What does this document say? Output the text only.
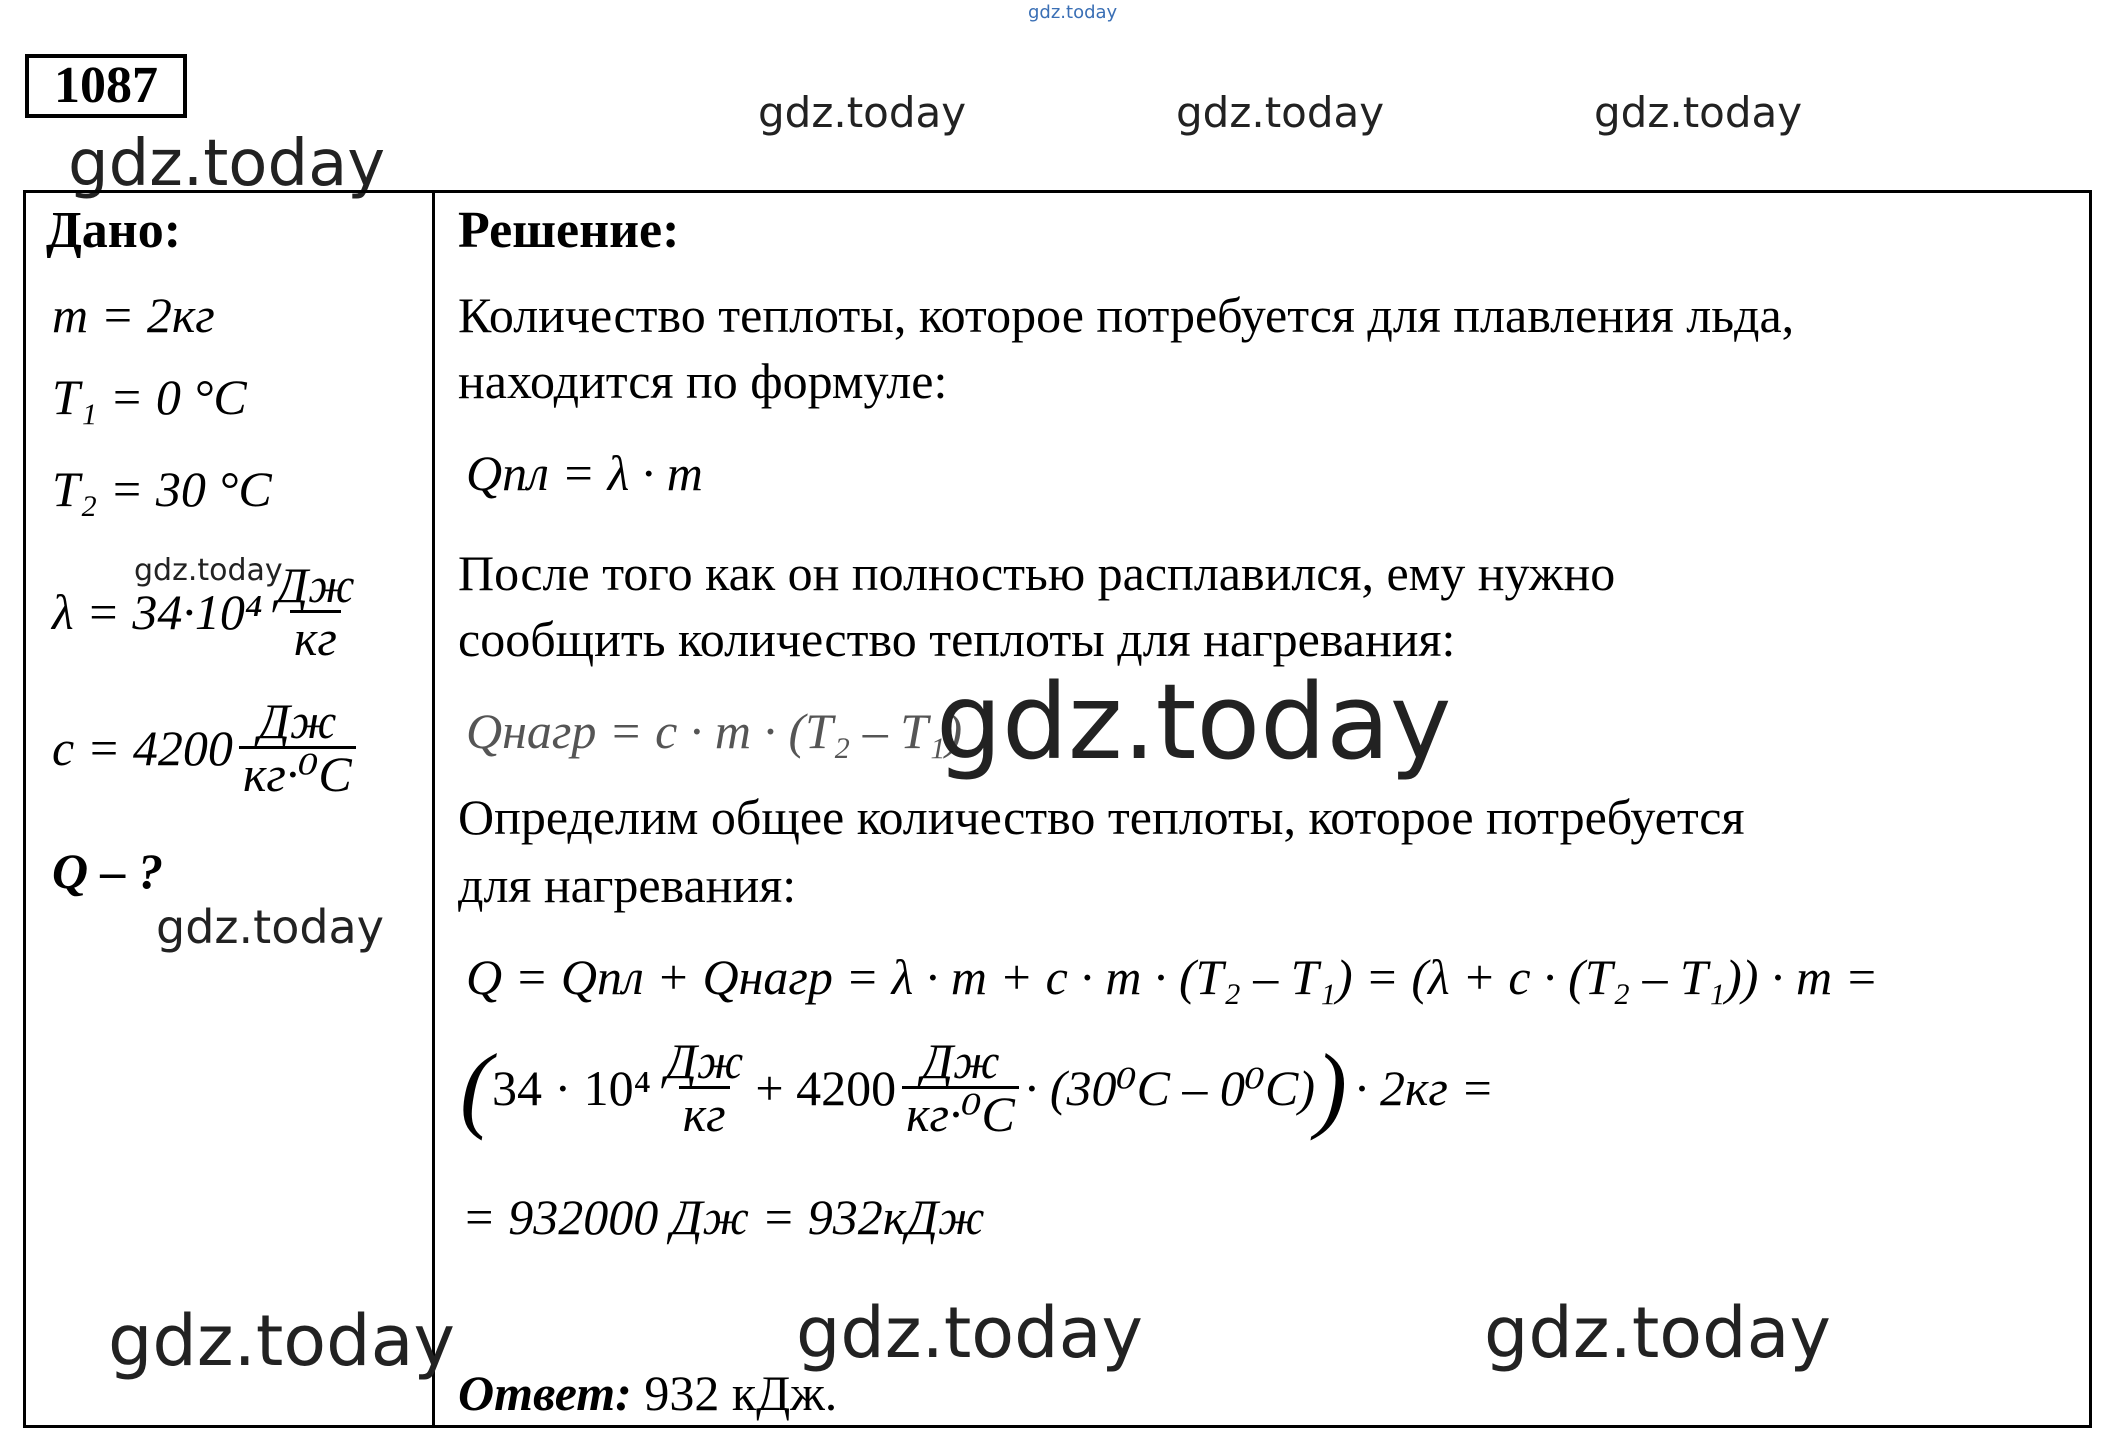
gdz.today
gdz.today	gdz.today	gdz.today
gdz.today
1087
Дано:
m = 2кг
T₁ = 0 °C
T₂ = 30 °C
gdz.today
$\lambda = 34\cdot 10^4 \frac{Дж}{кг}$
$c = 4200 \frac{Дж}{\text{кг·⁰C}}$
Q – ?
gdz.today
Решение:
Количество теплоты, которое потребуется для плавления льда,
находится по формуле:
Qпл = λ · m
После того как он полностью расплавился, ему нужно
сообщить количество теплоты для нагревания:
Qнагр = c · m · (T₂ – T₁)
gdz.today
Определим общее количество теплоты, которое потребуется
для нагревания:
Q = Qпл + Qнагр = λ · m + c · m · (T₂ – T₁) = (λ + c · (T₂ – T₁)) · m =
( $34 \cdot 10^4 \frac{Дж}{кг} + 4200 \frac{Дж}{\text{кг·⁰C}} \cdot (30^0C - 0^0C)$ ) · 2кг =
= 932000 Дж = 932кДж
gdz.today	gdz.today	gdz.today
Ответ: 932 кДж.
